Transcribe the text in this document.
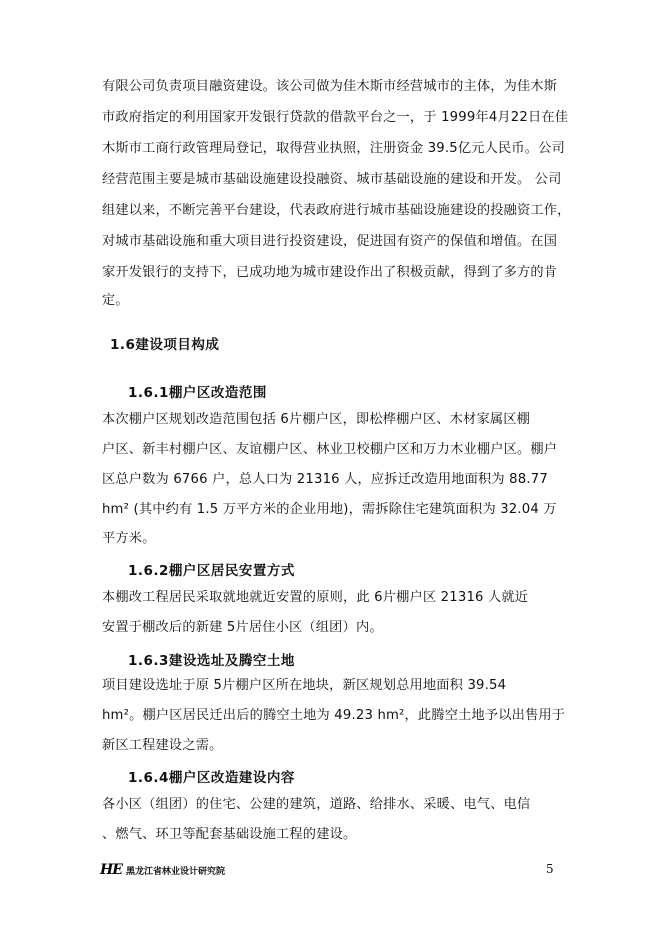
有限公司负责项目融资建设。该公司做为佳木斯市经营城市的主体，为佳木斯
市政府指定的利用国家开发银行贷款的借款平台之一，于 1999年4月22日在佳
木斯市工商行政管理局登记，取得营业执照，注册资金 39.5亿元人民币。公司
经营范围主要是城市基础设施建设投融资、城市基础设施的建设和开发。 公司
组建以来，不断完善平台建设，代表政府进行城市基础设施建设的投融资工作，
对城市基础设施和重大项目进行投资建设，促进国有资产的保值和增值。在国
家开发银行的支持下，已成功地为城市建设作出了积极贡献，得到了多方的肯
定。
1.6建设项目构成
1.6.1棚户区改造范围
本次棚户区规划改造范围包括 6片棚户区，即松桦棚户区、木材家属区棚
户区、新丰村棚户区、友谊棚户区、林业卫校棚户区和万力木业棚户区。棚户
区总户数为 6766 户，总人口为 21316 人，应拆迁改造用地面积为 88.77
hm² (其中约有 1.5 万平方米的企业用地)，需拆除住宅建筑面积为 32.04 万
平方米。
1.6.2棚户区居民安置方式
本棚改工程居民采取就地就近安置的原则，此 6片棚户区 21316 人就近
安置于棚改后的新建 5片居住小区（组团）内。
1.6.3建设选址及腾空土地
项目建设选址于原 5片棚户区所在地块，新区规划总用地面积 39.54
hm²。棚户区居民迁出后的腾空土地为 49.23 hm²，此腾空土地予以出售用于
新区工程建设之需。
1.6.4棚户区改造建设内容
各小区（组团）的住宅、公建的建筑，道路、给排水、采暖、电气、电信
、燃气、环卫等配套基础设施工程的建设。
HE 黑龙江省林业设计研究院	5
